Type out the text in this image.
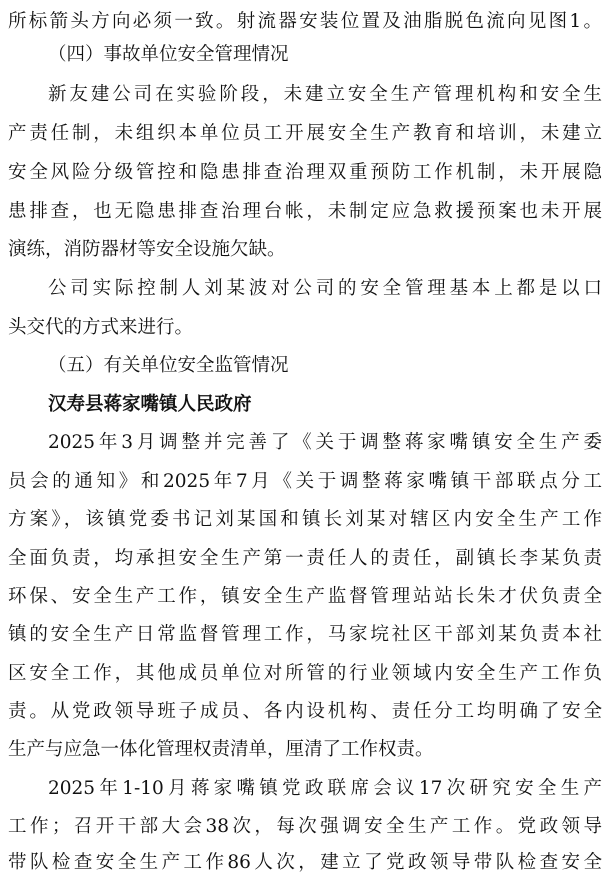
所标箭头方向必须一致。射流器安装位置及油脂脱色流向见图1。
（四）事故单位安全管理情况
新友建公司在实验阶段，未建立安全生产管理机构和安全生
产责任制，未组织本单位员工开展安全生产教育和培训，未建立
安全风险分级管控和隐患排查治理双重预防工作机制，未开展隐
患排查，也无隐患排查治理台帐，未制定应急救援预案也未开展
演练，消防器材等安全设施欠缺。
公司实际控制人刘某波对公司的安全管理基本上都是以口
头交代的方式来进行。
（五）有关单位安全监管情况
汉寿县蒋家嘴镇人民政府
2025年3月调整并完善了《关于调整蒋家嘴镇安全生产委
员会的通知》和2025年7月《关于调整蒋家嘴镇干部联点分工
方案》，该镇党委书记刘某国和镇长刘某对辖区内安全生产工作
全面负责，均承担安全生产第一责任人的责任，副镇长李某负责
环保、安全生产工作，镇安全生产监督管理站站长朱才伏负责全
镇的安全生产日常监督管理工作，马家垸社区干部刘某负责本社
区安全工作，其他成员单位对所管的行业领域内安全生产工作负
责。从党政领导班子成员、各内设机构、责任分工均明确了安全
生产与应急一体化管理权责清单，厘清了工作权责。
2025年1-10月蒋家嘴镇党政联席会议17次研究安全生产
工作；召开干部大会38次，每次强调安全生产工作。党政领导
带队检查安全生产工作86人次，建立了党政领导带队检查安全
